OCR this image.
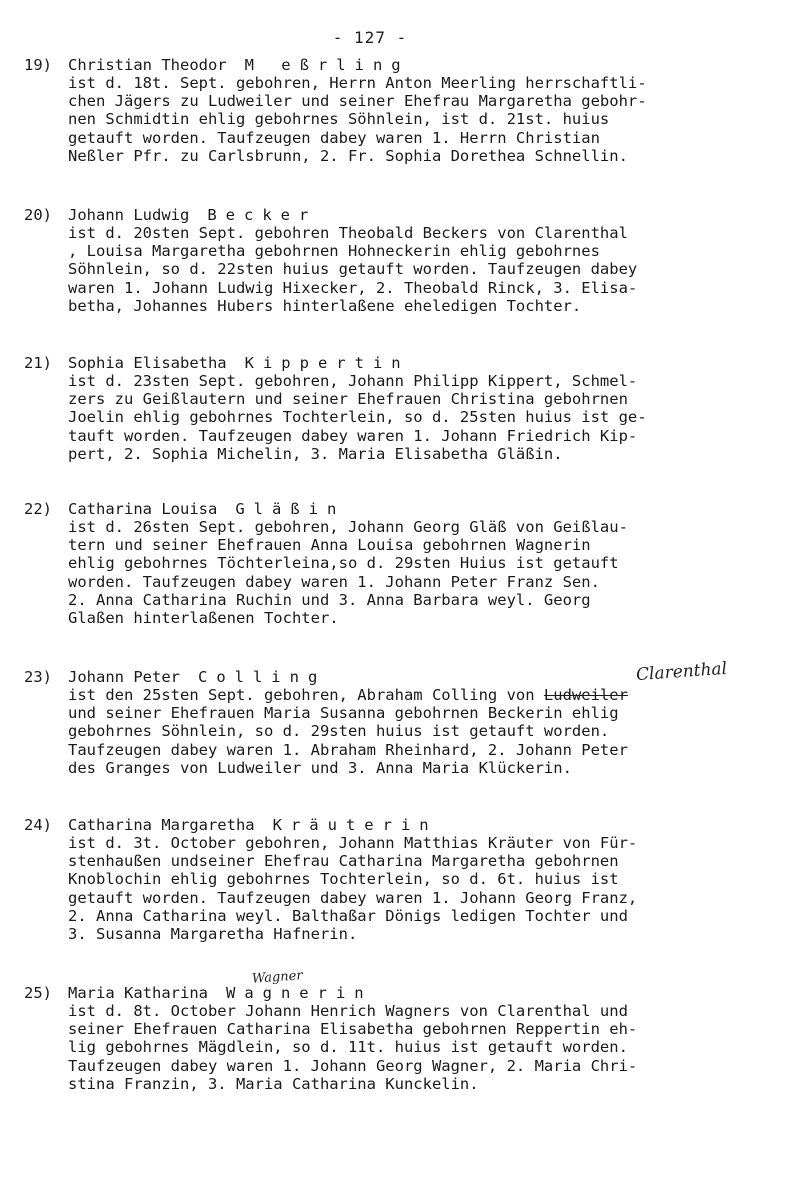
- 127 -
19)	Christian Theodor M eßrling
ist d. 18t. Sept. gebohren, Herrn Anton Meerling herrschaftli-
chen Jägers zu Ludweiler und seiner Ehefrau Margaretha gebohr-
nen Schmidtin ehlig gebohrnes Söhnlein, ist d. 21st. huius
getauft worden. Taufzeugen dabey waren 1. Herrn Christian
Neßler Pfr. zu Carlsbrunn, 2. Fr. Sophia Dorethea Schnellin.
20)	Johann Ludwig Becker
ist d. 20sten Sept. gebohren Theobald Beckers von Clarenthal
, Louisa Margaretha gebohrnen Hohneckerin ehlig gebohrnes
Söhnlein, so d. 22sten huius getauft worden. Taufzeugen dabey
waren 1. Johann Ludwig Hixecker, 2. Theobald Rinck, 3. Elisa-
betha, Johannes Hubers hinterlaßene eheledigen Tochter.
21)	Sophia Elisabetha Kippertin
ist d. 23sten Sept. gebohren, Johann Philipp Kippert, Schmel-
zers zu Geißlautern und seiner Ehefrauen Christina gebohrnen
Joelin ehlig gebohrnes Tochterlein, so d. 25sten huius ist ge-
tauft worden. Taufzeugen dabey waren 1. Johann Friedrich Kip-
pert, 2. Sophia Michelin, 3. Maria Elisabetha Gläßin.
22)	Catharina Louisa Gläßin
ist d. 26sten Sept. gebohren, Johann Georg Gläß von Geißlau-
tern und seiner Ehefrauen Anna Louisa gebohrnen Wagnerin
ehlig gebohrnes Töchterleina,so d. 29sten Huius ist getauft
worden. Taufzeugen dabey waren 1. Johann Peter Franz Sen.
2. Anna Catharina Ruchin und 3. Anna Barbara weyl. Georg
Glaßen hinterlaßenen Tochter.
Clarenthal
23)	Johann Peter Colling
ist den 25sten Sept. gebohren, Abraham Colling von Ludweiler
und seiner Ehefrauen Maria Susanna gebohrnen Beckerin ehlig
gebohrnes Söhnlein, so d. 29sten huius ist getauft worden.
Taufzeugen dabey waren 1. Abraham Rheinhard, 2. Johann Peter
des Granges von Ludweiler und 3. Anna Maria Klückerin.
24)	Catharina Margaretha Kräuterin
ist d. 3t. October gebohren, Johann Matthias Kräuter von Für-
stenhaußen undseiner Ehefrau Catharina Margaretha gebohrnen
Knoblochin ehlig gebohrnes Tochterlein, so d. 6t. huius ist
getauft worden. Taufzeugen dabey waren 1. Johann Georg Franz,
2. Anna Catharina weyl. Balthaßar Dönigs ledigen Tochter und
3. Susanna Margaretha Hafnerin.
Wagner
25)	Maria Katharina Wagnerin
ist d. 8t. October Johann Henrich Wagners von Clarenthal und
seiner Ehefrauen Catharina Elisabetha gebohrnen Reppertin eh-
lig gebohrnes Mägdlein, so d. 11t. huius ist getauft worden.
Taufzeugen dabey waren 1. Johann Georg Wagner, 2. Maria Chri-
stina Franzin, 3. Maria Catharina Kunckelin.
